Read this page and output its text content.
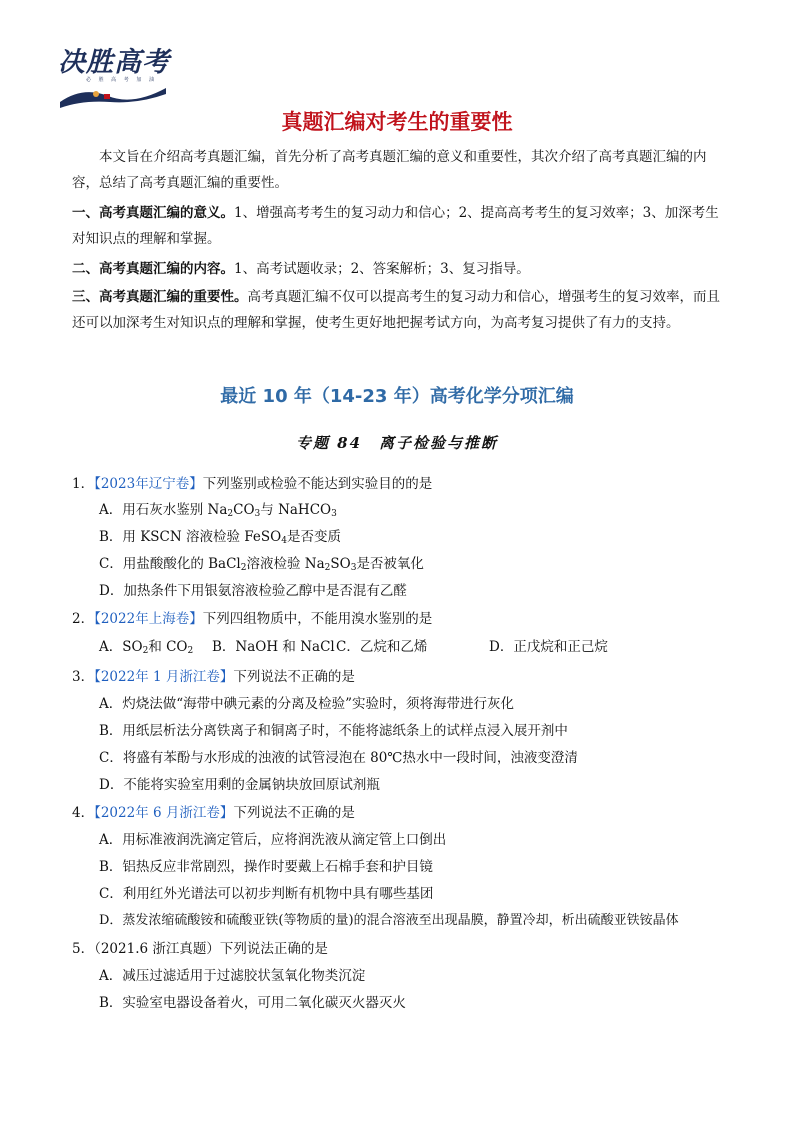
决胜高考
必 胜 高 考 加 油
真题汇编对考生的重要性
本文旨在介绍高考真题汇编，首先分析了高考真题汇编的意义和重要性，其次介绍了高考真题汇编的内容，总结了高考真题汇编的重要性。
一、高考真题汇编的意义。1、增强高考考生的复习动力和信心；2、提高高考考生的复习效率；3、加深考生对知识点的理解和掌握。
二、高考真题汇编的内容。1、高考试题收录；2、答案解析；3、复习指导。
三、高考真题汇编的重要性。高考真题汇编不仅可以提高考生的复习动力和信心，增强考生的复习效率，而且还可以加深考生对知识点的理解和掌握，使考生更好地把握考试方向，为高考复习提供了有力的支持。
最近 10 年（14-23 年）高考化学分项汇编
专题 84　离子检验与推断
1．【2023年辽宁卷】下列鉴别或检验不能达到实验目的的是
A．用石灰水鉴别 $Na_2CO_3$与 NaHCO$_3$
B．用 KSCN 溶液检验 FeSO$_4$是否变质
C．用盐酸酸化的 BaCl$_2$溶液检验 $Na_2SO_3$是否被氧化
D．加热条件下用银氨溶液检验乙醇中是否混有乙醛
2．【2022年上海卷】下列四组物质中，不能用溴水鉴别的是
A．$SO_2$和 $CO_2$ B．NaOH 和 NaClC．乙烷和乙烯	D．正戊烷和正己烷
3．【2022年 1 月浙江卷】下列说法不正确的是
A．灼烧法做“海带中碘元素的分离及检验”实验时，须将海带进行灰化
B．用纸层析法分离铁离子和铜离子时，不能将滤纸条上的试样点浸入展开剂中
C．将盛有苯酚与水形成的浊液的试管浸泡在 80℃热水中一段时间，浊液变澄清
D．不能将实验室用剩的金属钠块放回原试剂瓶
4．【2022年 6 月浙江卷】下列说法不正确的是
A．用标准液润洗滴定管后，应将润洗液从滴定管上口倒出
B．铝热反应非常剧烈，操作时要戴上石棉手套和护目镜
C．利用红外光谱法可以初步判断有机物中具有哪些基团
D．蒸发浓缩硫酸铵和硫酸亚铁(等物质的量)的混合溶液至出现晶膜，静置冷却，析出硫酸亚铁铵晶体
5．（2021.6 浙江真题）下列说法正确的是
A．减压过滤适用于过滤胶状氢氧化物类沉淀
B．实验室电器设备着火，可用二氧化碳灭火器灭火
